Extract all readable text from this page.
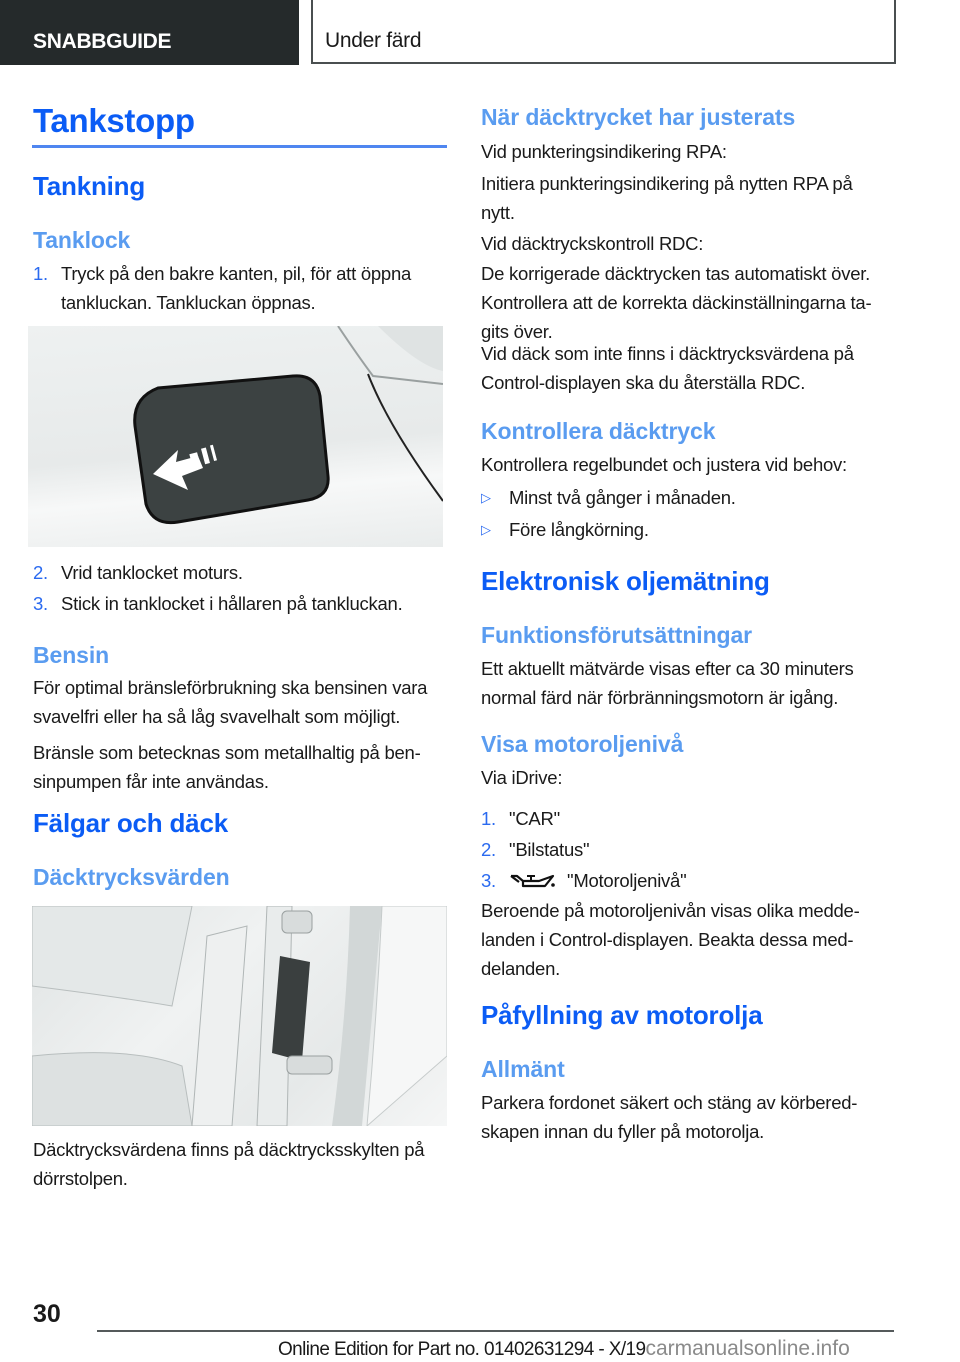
SNABBGUIDE	Under färd
Tankstopp
Tankning
Tanklock
1. Tryck på den bakre kanten, pil, för att öppna
tankluckan. Tankluckan öppnas.
2. Vrid tanklocket moturs.
3. Stick in tanklocket i hållaren på tankluckan.
Bensin
För optimal bränsleförbrukning ska bensinen vara
svavelfri eller ha så låg svavelhalt som möjligt.
Bränsle som betecknas som metallhaltig på ben-
sinpumpen får inte användas.
Fälgar och däck
Däcktrycksvärden
Däcktrycksvärdena finns på däcktrycksskylten på
dörrstolpen.
När däcktrycket har justerats
Vid punkteringsindikering RPA:
Initiera punkteringsindikering på nytten RPA på
nytt.
Vid däcktryckskontroll RDC:
De korrigerade däcktrycken tas automatiskt över.
Kontrollera att de korrekta däckinställningarna ta-
gits över.
Vid däck som inte finns i däcktrycksvärdena på
Control-displayen ska du återställa RDC.
Kontrollera däcktryck
Kontrollera regelbundet och justera vid behov:
▷ Minst två gånger i månaden.
▷ Före långkörning.
Elektronisk oljemätning
Funktionsförutsättningar
Ett aktuellt mätvärde visas efter ca 30 minuters
normal färd när förbränningsmotorn är igång.
Visa motoroljenivå
Via iDrive:
1. "CAR"
2. "Bilstatus"
3.	"Motoroljenivå"
Beroende på motoroljenivån visas olika medde-
landen i Control-displayen. Beakta dessa med-
delanden.
Påfyllning av motorolja
Allmänt
Parkera fordonet säkert och stäng av körbered-
skapen innan du fyller på motorolja.
30
Online Edition for Part no. 01402631294 - X/19carmanualsonline.info
